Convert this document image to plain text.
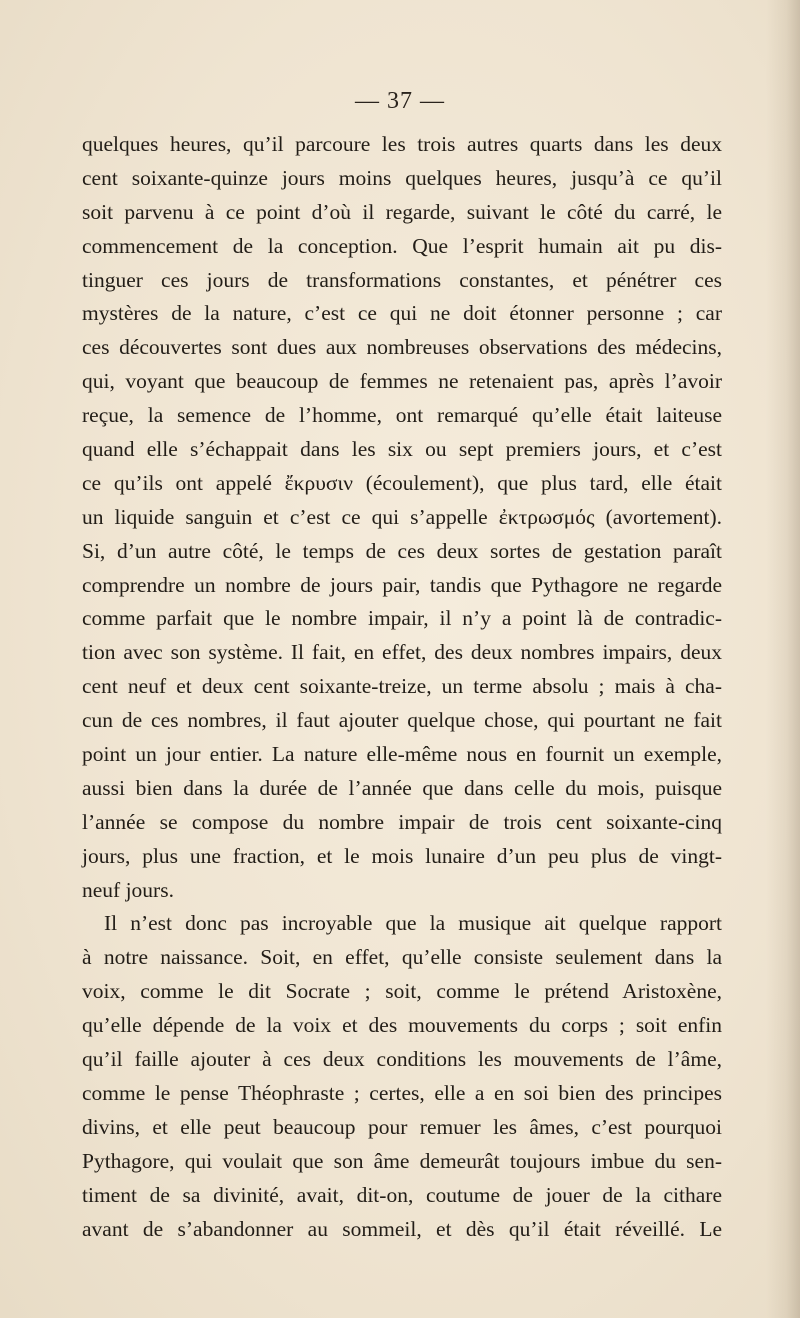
— 37 —
quelques heures, qu’il parcoure les trois autres quarts dans les deux
cent soixante-quinze jours moins quelques heures, jusqu’à ce qu’il
soit parvenu à ce point d’où il regarde, suivant le côté du carré, le
commencement de la conception. Que l’esprit humain ait pu dis-
tinguer ces jours de transformations constantes, et pénétrer ces
mystères de la nature, c’est ce qui ne doit étonner personne ; car
ces découvertes sont dues aux nombreuses observations des médecins,
qui, voyant que beaucoup de femmes ne retenaient pas, après l’avoir
reçue, la semence de l’homme, ont remarqué qu’elle était laiteuse
quand elle s’échappait dans les six ou sept premiers jours, et c’est
ce qu’ils ont appelé ἔκρυσιν (écoulement), que plus tard, elle était
un liquide sanguin et c’est ce qui s’appelle ἐκτρωσμός (avortement).
Si, d’un autre côté, le temps de ces deux sortes de gestation paraît
comprendre un nombre de jours pair, tandis que Pythagore ne regarde
comme parfait que le nombre impair, il n’y a point là de contradic-
tion avec son système. Il fait, en effet, des deux nombres impairs, deux
cent neuf et deux cent soixante-treize, un terme absolu ; mais à cha-
cun de ces nombres, il faut ajouter quelque chose, qui pourtant ne fait
point un jour entier. La nature elle-même nous en fournit un exemple,
aussi bien dans la durée de l’année que dans celle du mois, puisque
l’année se compose du nombre impair de trois cent soixante-cinq
jours, plus une fraction, et le mois lunaire d’un peu plus de vingt-
neuf jours.
Il n’est donc pas incroyable que la musique ait quelque rapport
à notre naissance. Soit, en effet, qu’elle consiste seulement dans la
voix, comme le dit Socrate ; soit, comme le prétend Aristoxène,
qu’elle dépende de la voix et des mouvements du corps ; soit enfin
qu’il faille ajouter à ces deux conditions les mouvements de l’âme,
comme le pense Théophraste ; certes, elle a en soi bien des principes
divins, et elle peut beaucoup pour remuer les âmes, c’est pourquoi
Pythagore, qui voulait que son âme demeurât toujours imbue du sen-
timent de sa divinité, avait, dit-on, coutume de jouer de la cithare
avant de s’abandonner au sommeil, et dès qu’il était réveillé. Le
